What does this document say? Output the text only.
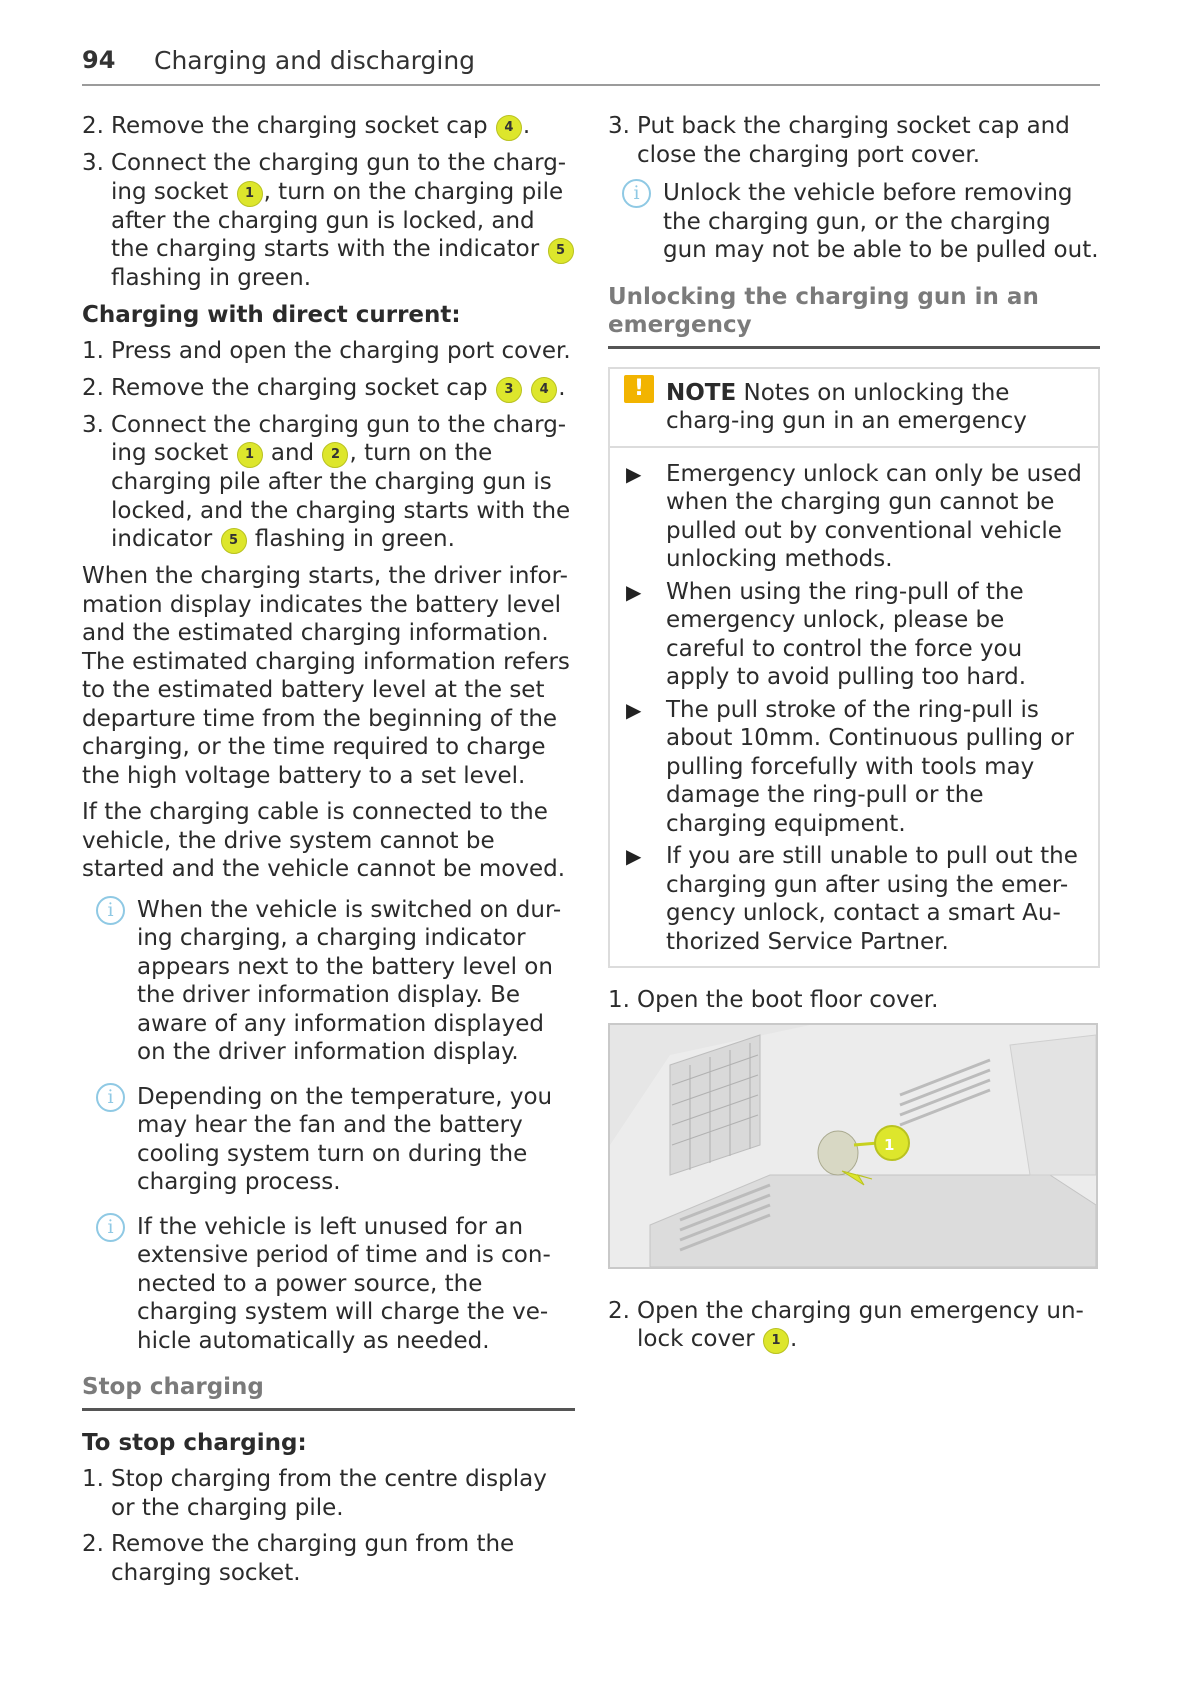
94 Charging and discharging
2. Remove the charging socket cap 4 .
3. Connect the charging gun to the charg-ing socket 1 , turn on the charging pile after the charging gun is locked, and the charging starts with the indicator 5 flashing in green.
Charging with direct current:
1. Press and open the charging port cover.
2. Remove the charging socket cap 3 4 .
3. Connect the charging gun to the charg-ing socket 1 and 2 , turn on the charging pile after the charging gun is locked, and the charging starts with the indicator 5 flashing in green.

When the charging starts, the driver infor-mation display indicates the battery level and the estimated charging information. The estimated charging information refers to the estimated battery level at the set departure time from the beginning of the charging, or the time required to charge the high voltage battery to a set level.

If the charging cable is connected to the vehicle, the drive system cannot be started and the vehicle cannot be moved.

i	When the vehicle is switched on dur-ing charging, a charging indicator appears next to the battery level on the driver information display. Be aware of any information displayed on the driver information display.
i	Depending on the temperature, you may hear the fan and the battery cooling system turn on during the charging process.
i	If the vehicle is left unused for an extensive period of time and is con-nected to a power source, the charging system will charge the ve-hicle automatically as needed.
Stop charging
To stop charging:
1. Stop charging from the centre display or the charging pile.
2. Remove the charging gun from the charging socket.
3. Put back the charging socket cap and close the charging port cover.
i	Unlock the vehicle before removing the charging gun, or the charging gun may not be able to be pulled out.
Unlocking the charging gun in an emergency
! NOTE Notes on unlocking the charg-ing gun in an emergency
▶ Emergency unlock can only be used when the charging gun cannot be pulled out by conventional vehicle unlocking methods.
▶ When using the ring-pull of the emergency unlock, please be careful to control the force you apply to avoid pulling too hard.
▶ The pull stroke of the ring-pull is about 10mm. Continuous pulling or pulling forcefully with tools may damage the ring-pull or the charging equipment.
▶ If you are still unable to pull out the charging gun after using the emer-gency unlock, contact a smart Au-thorized Service Partner.
1. Open the boot floor cover.
1
2. Open the charging gun emergency un-lock cover 1 .
